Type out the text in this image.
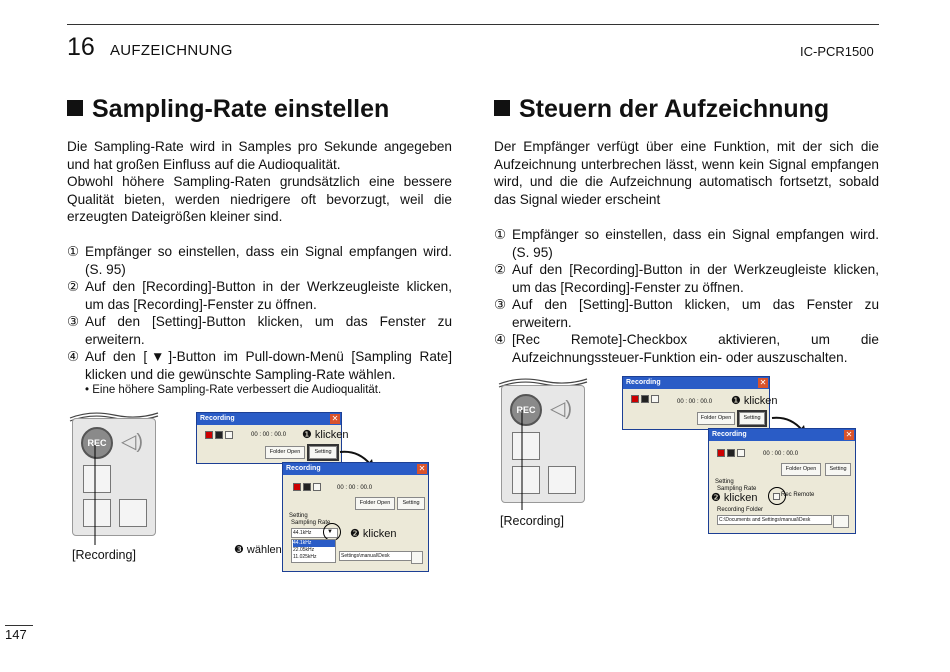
16 AUFZEICHNUNG	IC-PCR1500
Sampling-Rate einstellen

Die Sampling-Rate wird in Samples pro Sekunde angegeben und hat großen Einfluss auf die Audioqualität.

Obwohl höhere Sampling-Raten grundsätzlich eine bessere Qualität bieten, werden niedrigere oft bevorzugt, weil die erzeugten Dateigrößen kleiner sind.

① Empfänger so einstellen, dass ein Signal empfangen wird. (S. 95)
② Auf den [Recording]-Button in der Werkzeugleiste klicken, um das [Recording]-Fenster zu öffnen.
③ Auf den [Setting]-Button klicken, um das Fenster zu erweitern.
④ Auf den [▼]-Button im Pull-down-Menü [Sampling Rate] klicken und die gewünschte Sampling-Rate wählen.
• Eine höhere Sampling-Rate verbessert die Audioqualität.
REC ◁)
[Recording]
Recording	✕
00 : 00 : 00.0
Folder Open	Setting
❶ klicken
Recording	✕
00 : 00 : 00.0
Folder Open	Setting
Setting
Sampling Rate
44.1kHz	▼
44.1kHz
22.05kHz
11.025kHz	Settings\manual\Desk
❷ klicken
❸ wählen
Steuern der Aufzeichnung
Der Empfänger verfügt über eine Funktion, mit der sich die Aufzeichnung unterbrechen lässt, wenn kein Signal empfangen wird, und die die Aufzeichnung automatisch fortsetzt, sobald das Signal wieder erscheint
① Empfänger so einstellen, dass ein Signal empfangen wird. (S. 95)
② Auf den [Recording]-Button in der Werkzeugleiste klicken, um das [Recording]-Fenster zu öffnen.
③ Auf den [Setting]-Button klicken, um das Fenster zu erweitern.
④ [Rec Remote]-Checkbox aktivieren, um die Aufzeichnungssteuer-Funktion ein- oder auszuschalten.
REC ◁)
[Recording]
Recording	✕
00 : 00 : 00.0
Folder Open	Setting
❶ klicken
Recording	✕
00 : 00 : 00.0
Folder Open	Setting
Setting
Sampling Rate
Rec Remote
Recording Folder
C:\Documents and Settings\manual\Desk
❷ klicken
147
